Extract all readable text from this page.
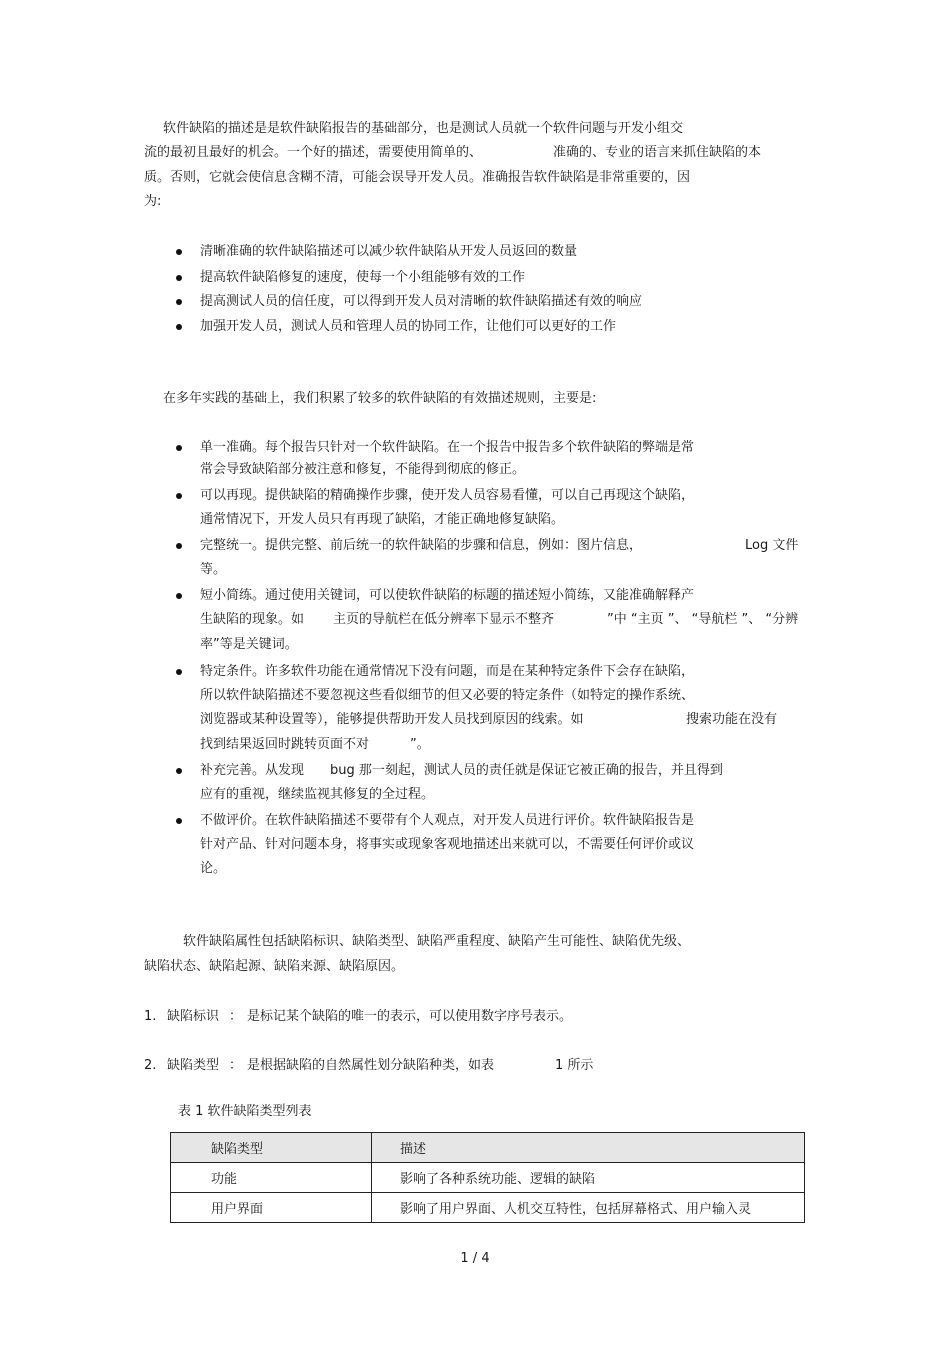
软件缺陷的描述是是软件缺陷报告的基础部分，也是测试人员就一个软件问题与开发小组交
流的最初且最好的机会。一个好的描述，需要使用简单的、	准确的、专业的语言来抓住缺陷的本
质。否则，它就会使信息含糊不清，可能会误导开发人员。准确报告软件缺陷是非常重要的，因
为:
清晰准确的软件缺陷描述可以减少软件缺陷从开发人员返回的数量
提高软件缺陷修复的速度，使每一个小组能够有效的工作
提高测试人员的信任度，可以得到开发人员对清晰的软件缺陷描述有效的响应
加强开发人员，测试人员和管理人员的协同工作，让他们可以更好的工作
在多年实践的基础上，我们积累了较多的软件缺陷的有效描述规则，主要是:
单一准确。每个报告只针对一个软件缺陷。在一个报告中报告多个软件缺陷的弊端是常
常会导致缺陷部分被注意和修复，不能得到彻底的修正。
可以再现。提供缺陷的精确操作步骤，使开发人员容易看懂，可以自己再现这个缺陷，
通常情况下，开发人员只有再现了缺陷，才能正确地修复缺陷。
完整统一。提供完整、前后统一的软件缺陷的步骤和信息，例如：图片信息，	Log 文件
等。
短小简练。通过使用关键词，可以使软件缺陷的标题的描述短小简练，又能准确解释产
生缺陷的现象。如 主页的导航栏在低分辨率下显示不整齐	”中 “主页 ”、 “导航栏 ”、 “分辨
率”等是关键词。
特定条件。许多软件功能在通常情况下没有问题，而是在某种特定条件下会存在缺陷，
所以软件缺陷描述不要忽视这些看似细节的但又必要的特定条件（如特定的操作系统、
浏览器或某种设置等），能够提供帮助开发人员找到原因的线索。如	搜索功能在没有
找到结果返回时跳转页面不对	”。
补充完善。从发现 bug 那一刻起，测试人员的责任就是保证它被正确的报告，并且得到
应有的重视，继续监视其修复的全过程。
不做评价。在软件缺陷描述不要带有个人观点，对开发人员进行评价。软件缺陷报告是
针对产品、针对问题本身，将事实或现象客观地描述出来就可以，不需要任何评价或议
论。
软件缺陷属性包括缺陷标识、缺陷类型、缺陷严重程度、缺陷产生可能性、缺陷优先级、
缺陷状态、缺陷起源、缺陷来源、缺陷原因。
1. 缺陷标识 ： 是标记某个缺陷的唯一的表示，可以使用数字序号表示。
2. 缺陷类型 ： 是根据缺陷的自然属性划分缺陷种类，如表	1 所示
表 1 软件缺陷类型列表
缺陷类型	描述
功能	影响了各种系统功能、逻辑的缺陷
用户界面	影响了用户界面、人机交互特性，包括屏幕格式、用户输入灵
1 / 4
